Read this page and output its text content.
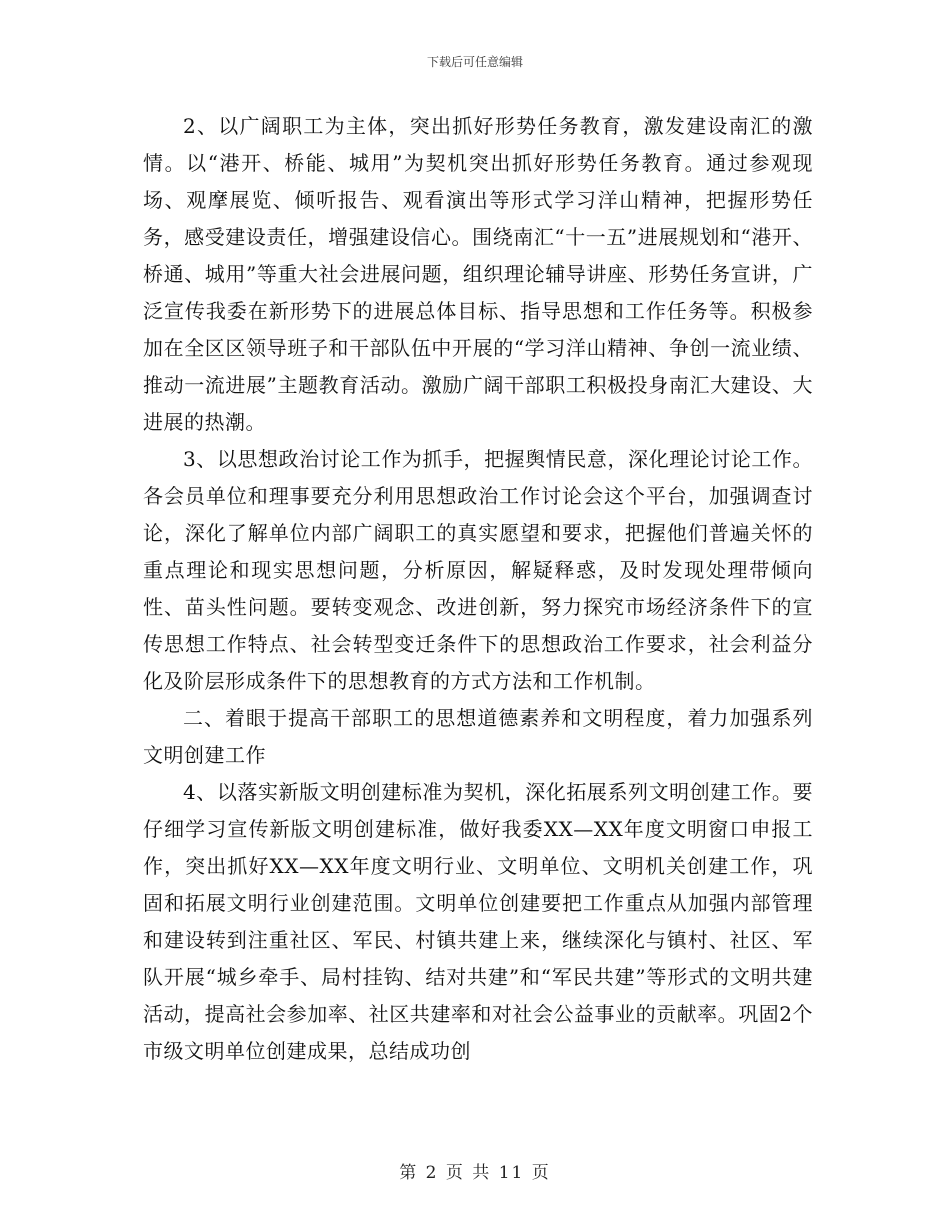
下载后可任意编辑

2、以广阔职工为主体，突出抓好形势任务教育，激发建设南汇的激情。以“港开、桥能、城用”为契机突出抓好形势任务教育。通过参观现场、观摩展览、倾听报告、观看演出等形式学习洋山精神，把握形势任务，感受建设责任，增强建设信心。围绕南汇“十一五”进展规划和“港开、桥通、城用”等重大社会进展问题，组织理论辅导讲座、形势任务宣讲，广泛宣传我委在新形势下的进展总体目标、指导思想和工作任务等。积极参加在全区区领导班子和干部队伍中开展的“学习洋山精神、争创一流业绩、推动一流进展”主题教育活动。激励广阔干部职工积极投身南汇大建设、大进展的热潮。

3、以思想政治讨论工作为抓手，把握舆情民意，深化理论讨论工作。各会员单位和理事要充分利用思想政治工作讨论会这个平台，加强调查讨论，深化了解单位内部广阔职工的真实愿望和要求，把握他们普遍关怀的重点理论和现实思想问题，分析原因，解疑释惑，及时发现处理带倾向性、苗头性问题。要转变观念、改进创新，努力探究市场经济条件下的宣传思想工作特点、社会转型变迁条件下的思想政治工作要求，社会利益分化及阶层形成条件下的思想教育的方式方法和工作机制。

二、着眼于提高干部职工的思想道德素养和文明程度，着力加强系列文明创建工作

4、以落实新版文明创建标准为契机，深化拓展系列文明创建工作。要仔细学习宣传新版文明创建标准，做好我委XX—XX年度文明窗口申报工作，突出抓好XX—XX年度文明行业、文明单位、文明机关创建工作，巩固和拓展文明行业创建范围。文明单位创建要把工作重点从加强内部管理和建设转到注重社区、军民、村镇共建上来，继续深化与镇村、社区、军队开展“城乡牵手、局村挂钩、结对共建”和“军民共建”等形式的文明共建活动，提高社会参加率、社区共建率和对社会公益事业的贡献率。巩固2个市级文明单位创建成果，总结成功创

第 2 页 共 11 页
